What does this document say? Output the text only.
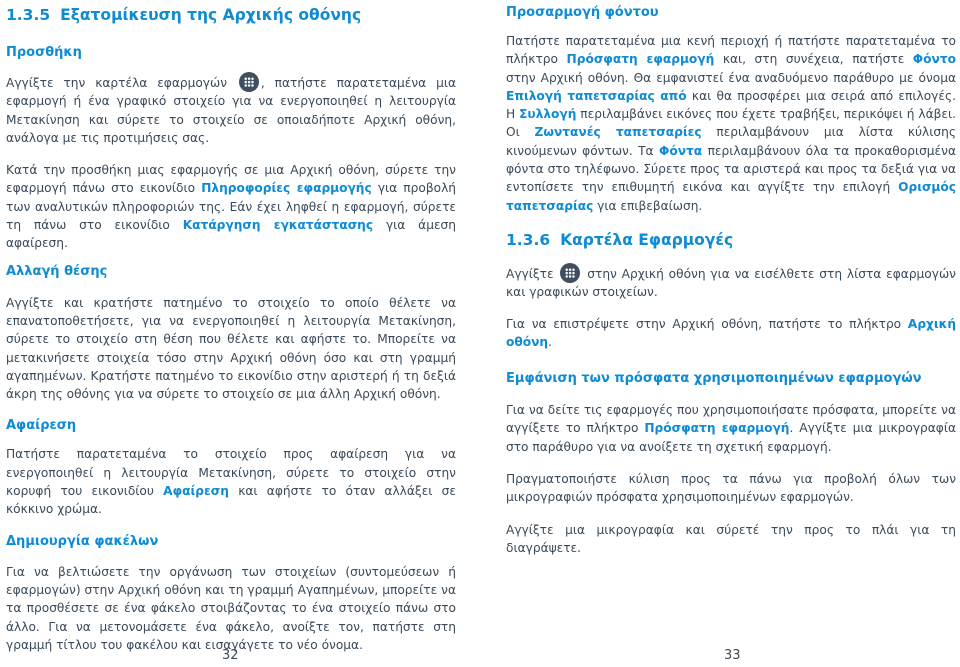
1.3.5 Εξατομίκευση της Αρχικής οθόνης
Προσθήκη

Αγγίξτε την καρτέλα εφαρμογών , πατήστε παρατεταμένα μια εφαρμογή ή ένα γραφικό στοιχείο για να ενεργοποιηθεί η λειτουργία Μετακίνηση και σύρετε το στοιχείο σε οποιαδήποτε Αρχική οθόνη, ανάλογα με τις προτιμήσεις σας.

Κατά την προσθήκη μιας εφαρμογής σε μια Αρχική οθόνη, σύρετε την εφαρμογή πάνω στο εικονίδιο Πληροφορίες εφαρμογής για προβολή των αναλυτικών πληροφοριών της. Εάν έχει ληφθεί η εφαρμογή, σύρετε τη πάνω στο εικονίδιο Κατάργηση εγκατάστασης για άμεση αφαίρεση.

Αλλαγή θέσης

Αγγίξτε και κρατήστε πατημένο το στοιχείο το οποίο θέλετε να επανατοποθετήσετε, για να ενεργοποιηθεί η λειτουργία Μετακίνηση, σύρετε το στοιχείο στη θέση που θέλετε και αφήστε το. Μπορείτε να μετακινήσετε στοιχεία τόσο στην Αρχική οθόνη όσο και στη γραμμή αγαπημένων. Κρατήστε πατημένο το εικονίδιο στην αριστερή ή τη δεξιά άκρη της οθόνης για να σύρετε το στοιχείο σε μια άλλη Αρχική οθόνη.

Αφαίρεση

Πατήστε παρατεταμένα το στοιχείο προς αφαίρεση για να ενεργοποιηθεί η λειτουργία Μετακίνηση, σύρετε το στοιχείο στην κορυφή του εικονιδίου Αφαίρεση και αφήστε το όταν αλλάξει σε κόκκινο χρώμα.

Δημιουργία φακέλων

Για να βελτιώσετε την οργάνωση των στοιχείων (συντομεύσεων ή εφαρμογών) στην Αρχική οθόνη και τη γραμμή Αγαπημένων, μπορείτε να τα προσθέσετε σε ένα φάκελο στοιβάζοντας το ένα στοιχείο πάνω στο άλλο. Για να μετονομάσετε ένα φάκελο, ανοίξτε τον, πατήστε στη γραμμή τίτλου του φακέλου και εισαγάγετε το νέο όνομα.

Προσαρμογή φόντου

Πατήστε παρατεταμένα μια κενή περιοχή ή πατήστε παρατεταμένα το πλήκτρο Πρόσφατη εφαρμογή και, στη συνέχεια, πατήστε Φόντο στην Αρχική οθόνη. Θα εμφανιστεί ένα αναδυόμενο παράθυρο με όνομα Επιλογή ταπετσαρίας από και θα προσφέρει μια σειρά από επιλογές. Η Συλλογή περιλαμβάνει εικόνες που έχετε τραβήξει, περικόψει ή λάβει. Οι Ζωντανές ταπετσαρίες περιλαμβάνουν μια λίστα κύλισης κινούμενων φόντων. Τα Φόντα περιλαμβάνουν όλα τα προκαθορισμένα φόντα στο τηλέφωνο. Σύρετε προς τα αριστερά και προς τα δεξιά για να εντοπίσετε την επιθυμητή εικόνα και αγγίξτε την επιλογή Ορισμός ταπετσαρίας για επιβεβαίωση.

1.3.6 Καρτέλα Εφαρμογές

Αγγίξτε  στην Αρχική οθόνη για να εισέλθετε στη λίστα εφαρμογών και γραφικών στοιχείων.

Για να επιστρέψετε στην Αρχική οθόνη, πατήστε το πλήκτρο Αρχική οθόνη.

Εμφάνιση των πρόσφατα χρησιμοποιημένων εφαρμογών

Για να δείτε τις εφαρμογές που χρησιμοποιήσατε πρόσφατα, μπορείτε να αγγίξετε το πλήκτρο Πρόσφατη εφαρμογή. Αγγίξτε μια μικρογραφία στο παράθυρο για να ανοίξετε τη σχετική εφαρμογή.

Πραγματοποιήστε κύλιση προς τα πάνω για προβολή όλων των μικρογραφιών πρόσφατα χρησιμοποιημένων εφαρμογών.

Αγγίξτε μια μικρογραφία και σύρετέ την προς το πλάι για τη διαγράψετε.

32	33
